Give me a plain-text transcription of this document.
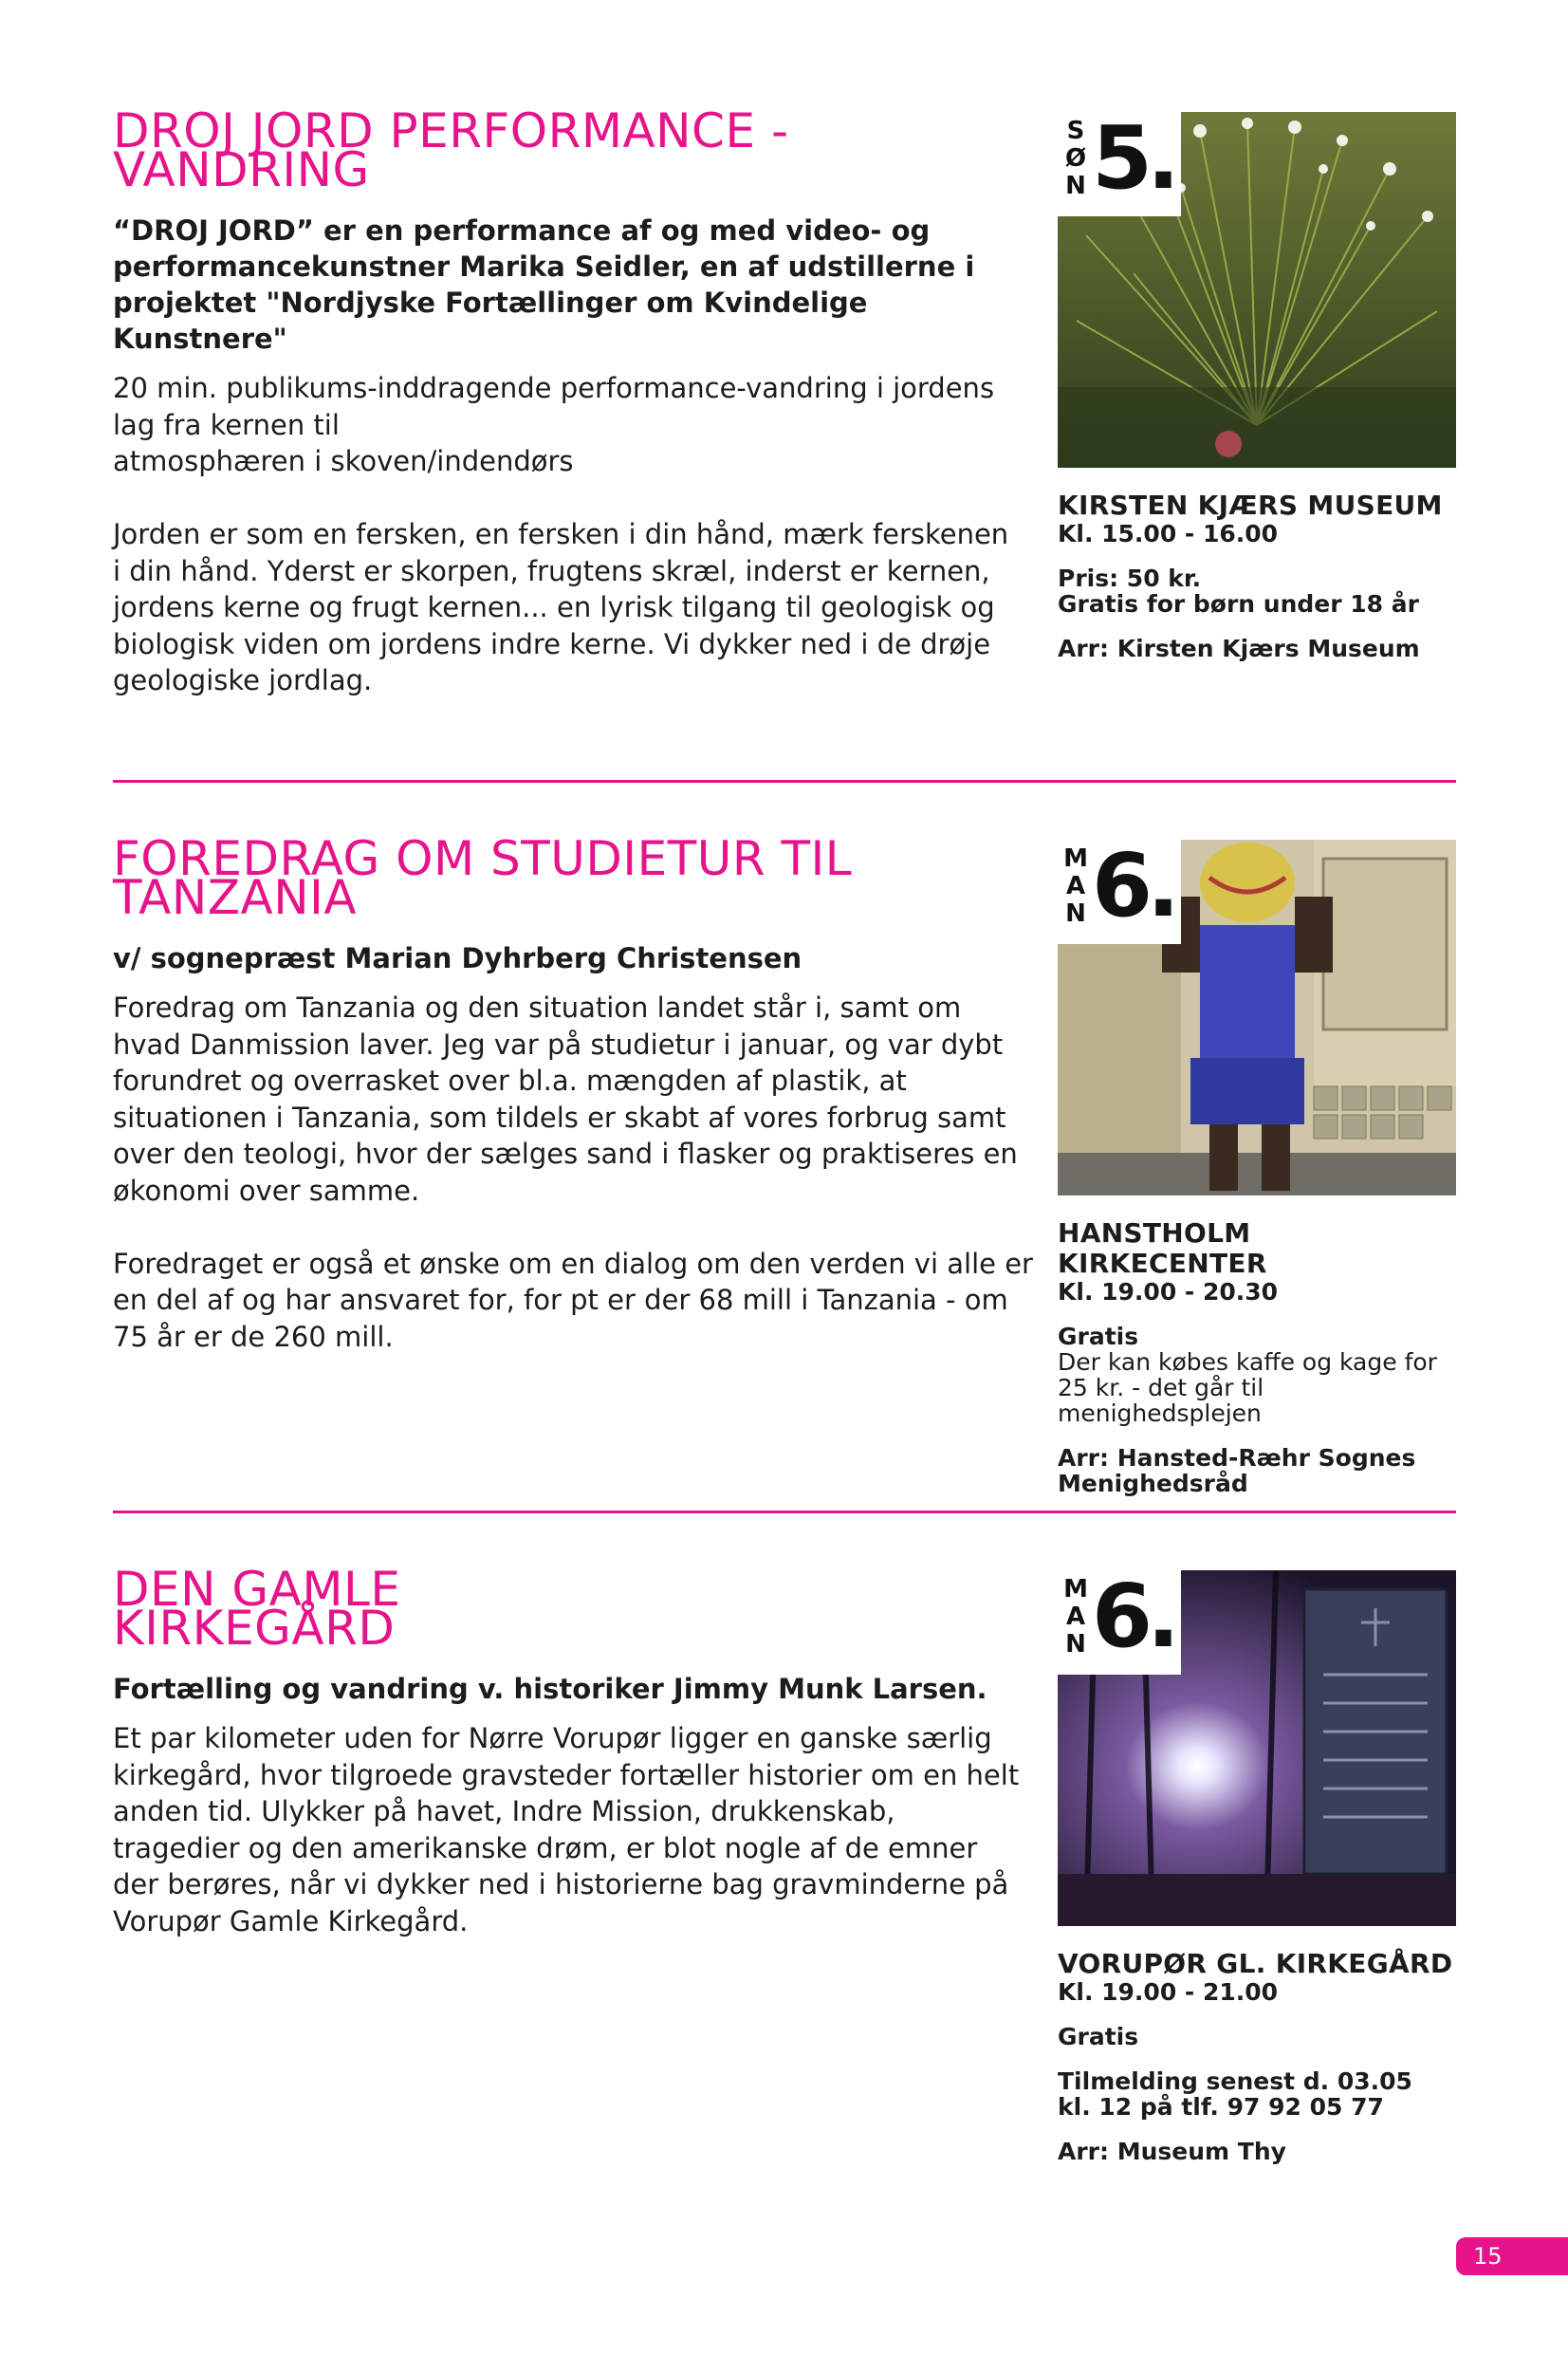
DROJ JORD PERFORMANCE - VANDRING

“DROJ JORD” er en performance af og med video- og performancekunstner Marika Seidler, en af udstillerne i projektet "Nordjyske Fortællinger om Kvindelige Kunstnere"

20 min. publikums-inddragende performance-vandring i jordens lag fra kernen til
atmosphæren i skoven/indendørs

Jorden er som en fersken, en fersken i din hånd, mærk ferskenen i din hånd. Yderst er skorpen, frugtens skræl, inderst er kernen, jordens kerne og frugt kernen... en lyrisk tilgang til geologisk og biologisk viden om jordens indre kerne. Vi dykker ned i de drøje geologiske jordlag.

S
Ø
N 5.

KIRSTEN KJÆRS MUSEUM

Kl. 15.00 - 16.00

Pris: 50 kr.

Gratis for børn under 18 år

Arr: Kirsten Kjærs Museum

FOREDRAG OM STUDIETUR TIL TANZANIA

v/ sognepræst Marian Dyhrberg Christensen

Foredrag om Tanzania og den situation landet står i, samt om hvad Danmission laver. Jeg var på studietur i januar, og var dybt forundret og overrasket over bl.a. mængden af plastik, at situationen i Tanzania, som tildels er skabt af vores forbrug samt over den teologi, hvor der sælges sand i flasker og praktiseres en økonomi over samme.

Foredraget er også et ønske om en dialog om den verden vi alle er en del af og har ansvaret for, for pt er der 68 mill i Tanzania - om 75 år er de 260 mill.

M
A
N 6.

HANSTHOLM KIRKECENTER

Kl. 19.00 - 20.30

Gratis

Der kan købes kaffe og kage for 25 kr. - det går til menighedsplejen

Arr: Hansted-Ræhr Sognes Menighedsråd

DEN GAMLE KIRKEGÅRD

Fortælling og vandring v. historiker Jimmy Munk Larsen.

Et par kilometer uden for Nørre Vorupør ligger en ganske særlig kirkegård, hvor tilgroede gravsteder fortæller historier om en helt anden tid. Ulykker på havet, Indre Mission, drukkenskab, tragedier og den amerikanske drøm, er blot nogle af de emner der berøres, når vi dykker ned i historierne bag gravminderne på Vorupør Gamle Kirkegård.

M
A
N 6.

VORUPØR GL. KIRKEGÅRD

Kl. 19.00 - 21.00

Gratis

Tilmelding senest d. 03.05 kl. 12 på tlf. 97 92 05 77

Arr: Museum Thy

15
